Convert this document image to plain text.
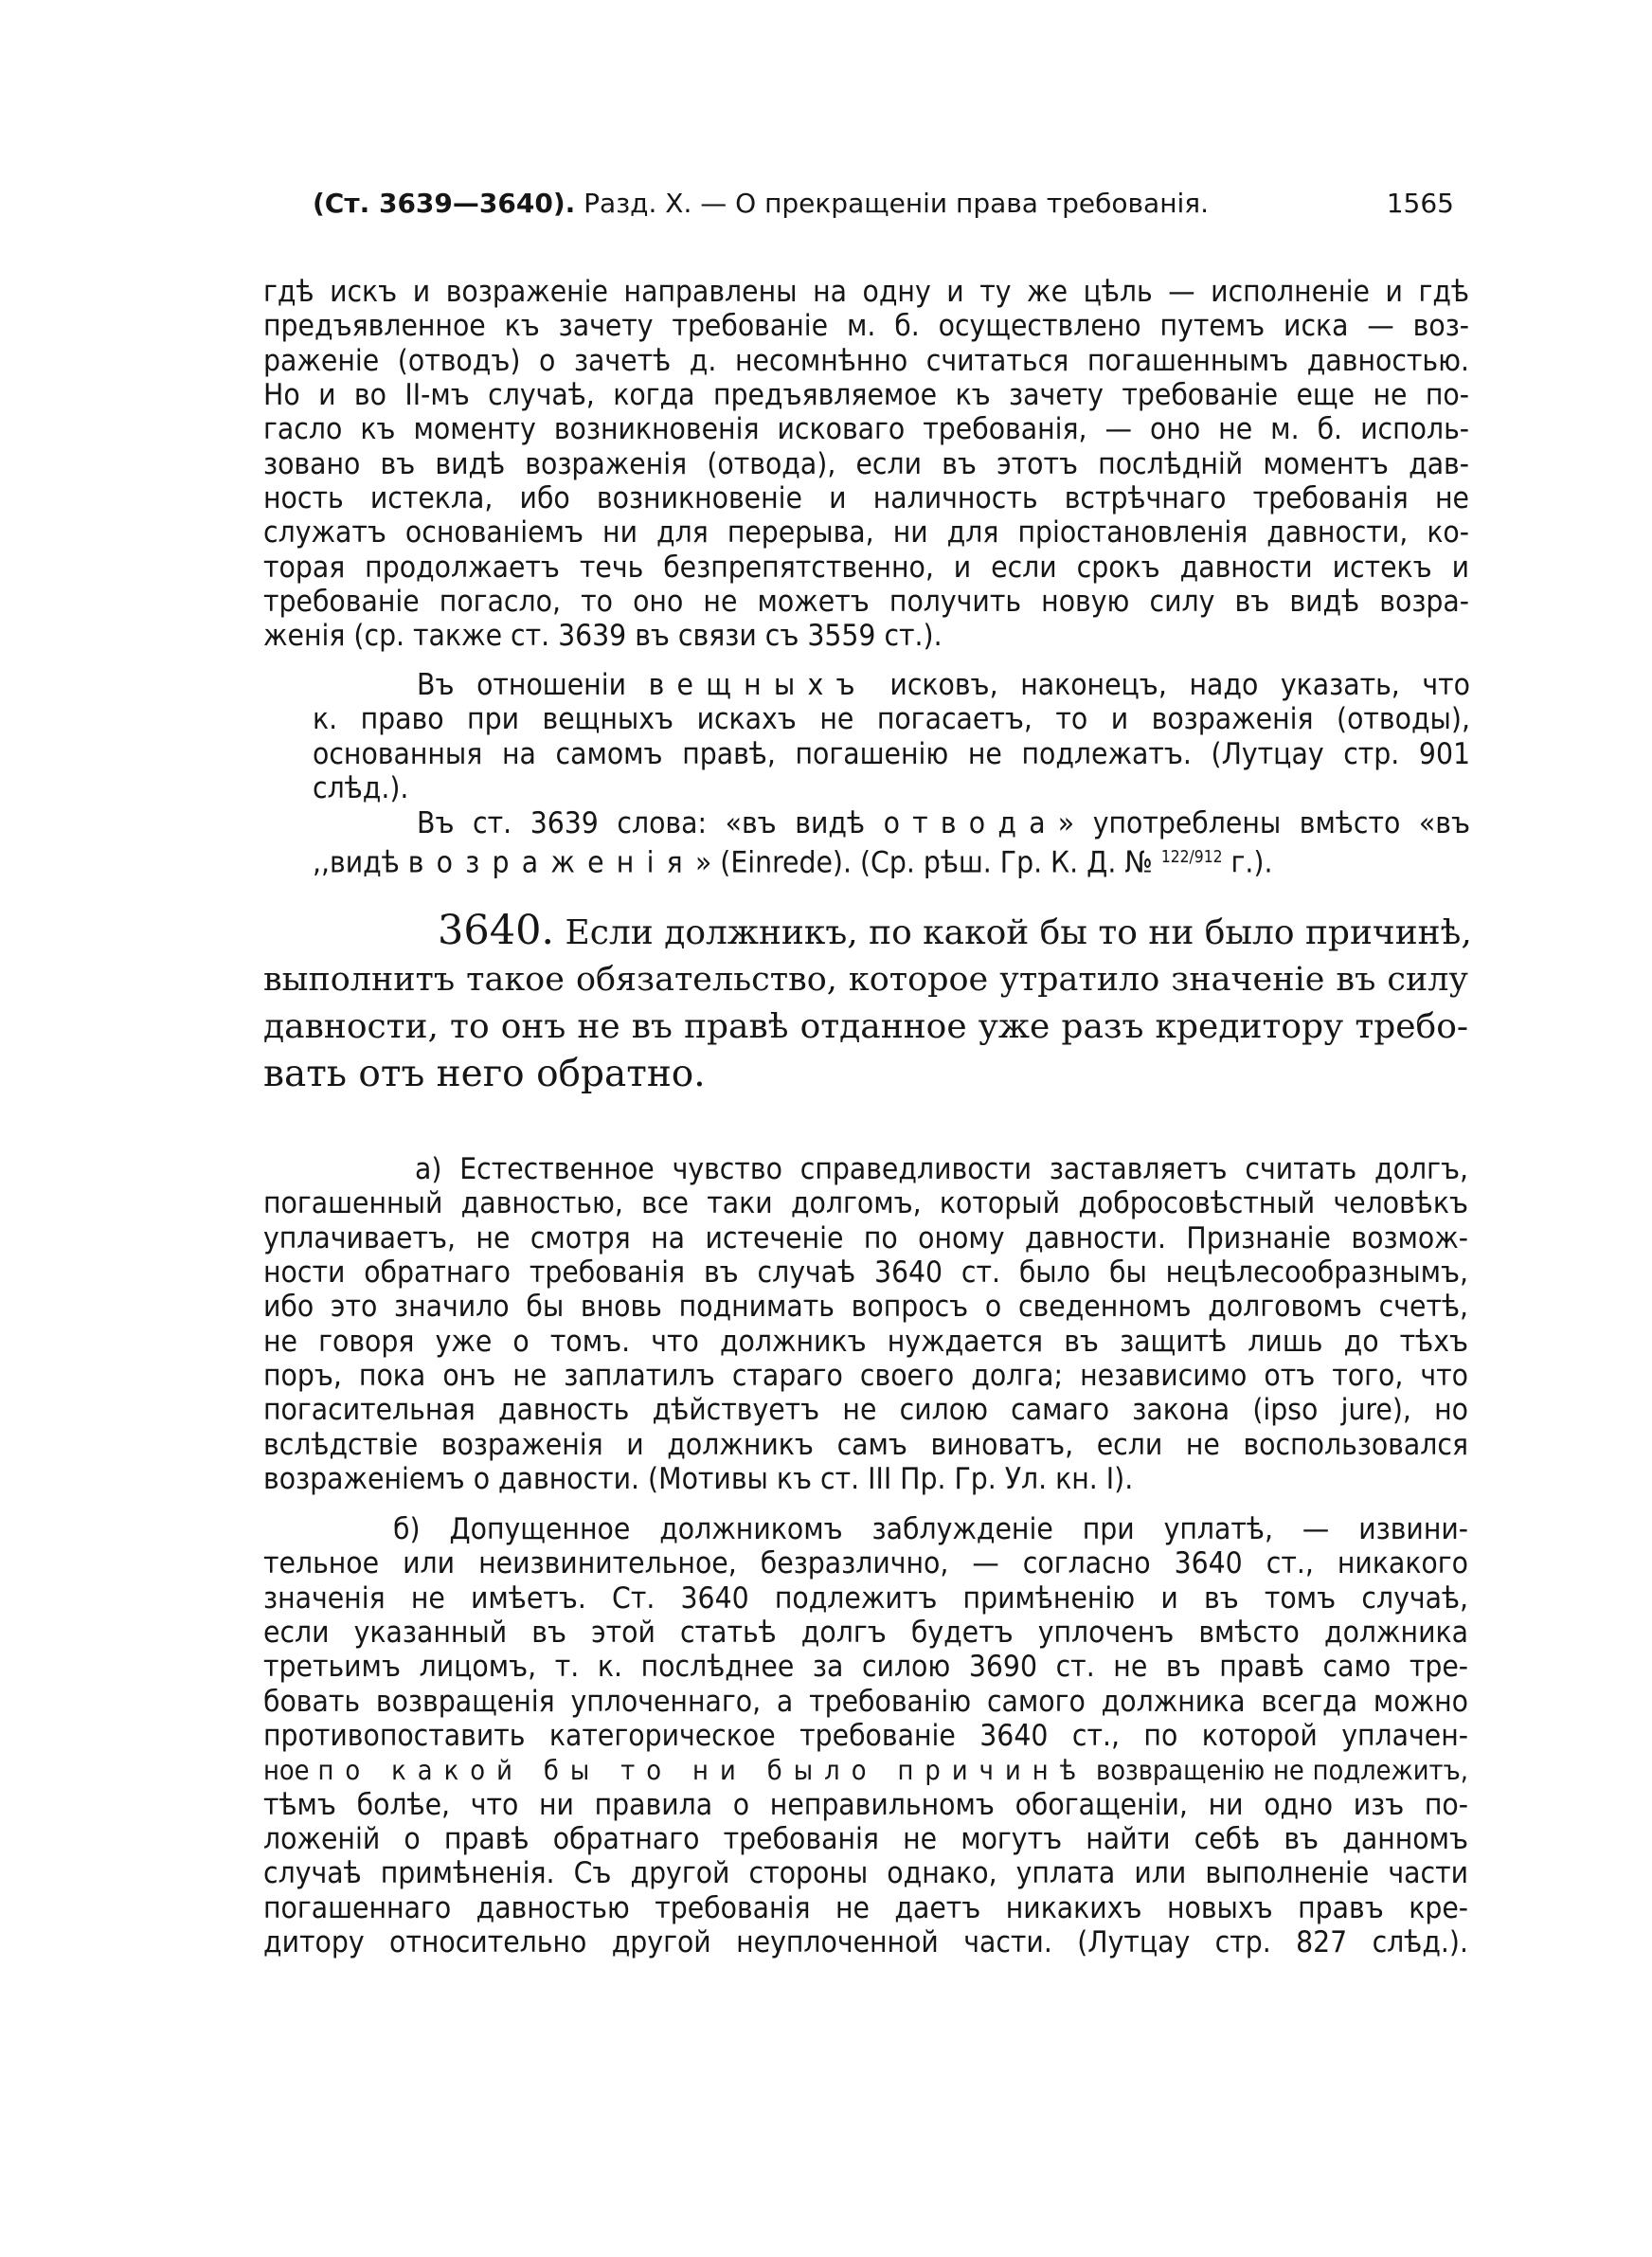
(Ст. 3639—3640). Разд. X. — О прекращеніи права требованія.	1565
гдѣ искъ и возраженіе направлены на одну и ту же цѣль — исполненіе и гдѣ
предъявленное къ зачету требованіе м. б. осуществлено путемъ иска — воз-
раженіе (отводъ) о зачетѣ д. несомнѣнно считаться погашеннымъ давностью.
Но и во II-мъ случаѣ, когда предъявляемое къ зачету требованіе еще не по-
гасло къ моменту возникновенія исковаго требованія, — оно не м. б. исполь-
зовано въ видѣ возраженія (отвода), если въ этотъ послѣдній моментъ дав-
ность истекла, ибо возникновеніе и наличность встрѣчнаго требованія не
служатъ основаніемъ ни для перерыва, ни для пріостановленія давности, ко-
торая продолжаетъ течь безпрепятственно, и если срокъ давности истекъ и
требованіе погасло, то оно не можетъ получить новую силу въ видѣ возра-
женія (ср. также ст. 3639 въ связи съ 3559 ст.).
Въ отношеніи вещныхъ исковъ, наконецъ, надо указать, что
к. право при вещныхъ искахъ не погасаетъ, то и возраженія (отводы),
основанныя на самомъ правѣ, погашенію не подлежатъ. (Лутцау стр. 901
слѣд.).
Въ ст. 3639 слова: «въ видѣ отвода» употреблены вмѣсто «въ
,,видѣ возраженія» (Einrede). (Ср. рѣш. Гр. К. Д. № $^{122/912}$ г.).
3640. Если должникъ, по какой бы то ни было причинѣ,
выполнитъ такое обязательство, которое утратило значеніе въ силу
давности, то онъ не въ правѣ отданное уже разъ кредитору требо-
вать отъ него обратно.
а) Естественное чувство справедливости заставляетъ считать долгъ,
погашенный давностью, все таки долгомъ, который добросовѣстный человѣкъ
уплачиваетъ, не смотря на истеченіе по оному давности. Признаніе возмож-
ности обратнаго требованія въ случаѣ 3640 ст. было бы нецѣлесообразнымъ,
ибо это значило бы вновь поднимать вопросъ о сведенномъ долговомъ счетѣ,
не говоря уже о томъ. что должникъ нуждается въ защитѣ лишь до тѣхъ
поръ, пока онъ не заплатилъ стараго своего долга; независимо отъ того, что
погасительная давность дѣйствуетъ не силою самаго закона (ipso jure), но
вслѣдствіе возраженія и должникъ самъ виноватъ, если не воспользовался
возраженіемъ о давности. (Мотивы къ ст. III Пр. Гр. Ул. кн. I).
б) Допущенное должникомъ заблужденіе при уплатѣ, — извини-
тельное или неизвинительное, безразлично, — согласно 3640 ст., никакого
значенія не имѣетъ. Ст. 3640 подлежитъ примѣненію и въ томъ случаѣ,
если указанный въ этой статьѣ долгъ будетъ уплоченъ вмѣсто должника
третьимъ лицомъ, т. к. послѣднее за силою 3690 ст. не въ правѣ само тре-
бовать возвращенія уплоченнаго, а требованію самого должника всегда можно
противопоставить категорическое требованіе 3640 ст., по которой уплачен-
ное по какой бы то ни было причинѣ возвращенію не подлежитъ,
тѣмъ болѣе, что ни правила о неправильномъ обогащеніи, ни одно изъ по-
ложеній о правѣ обратнаго требованія не могутъ найти себѣ въ данномъ
случаѣ примѣненія. Съ другой стороны однако, уплата или выполненіе части
погашеннаго давностью требованія не даетъ никакихъ новыхъ правъ кре-
дитору относительно другой неуплоченной части. (Лутцау стр. 827 слѣд.).
